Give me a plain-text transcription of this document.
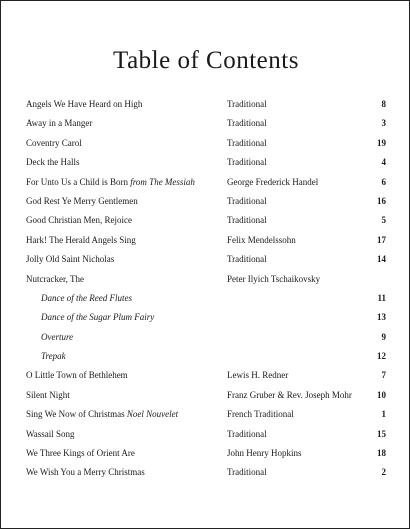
Table of Contents
Angels We Have Heard on High	Traditional	8
Away in a Manger	Traditional	3
Coventry Carol	Traditional	19
Deck the Halls	Traditional	4
For Unto Us a Child is Born from The Messiah	George Frederick Handel	6
God Rest Ye Merry Gentlemen	Traditional	16
Good Christian Men, Rejoice	Traditional	5
Hark! The Herald Angels Sing	Felix Mendelssohn	17
Jolly Old Saint Nicholas	Traditional	14
Nutcracker, The	Peter Ilyich Tschaikovsky
Dance of the Reed Flutes	11
Dance of the Sugar Plum Fairy	13
Overture	9
Trepak	12
O Little Town of Bethlehem	Lewis H. Redner	7
Silent Night	Franz Gruber & Rev. Joseph Mohr	10
Sing We Now of Christmas Noel Nouvelet	French Traditional	1
Wassail Song	Traditional	15
We Three Kings of Orient Are	John Henry Hopkins	18
We Wish You a Merry Christmas	Traditional	2
